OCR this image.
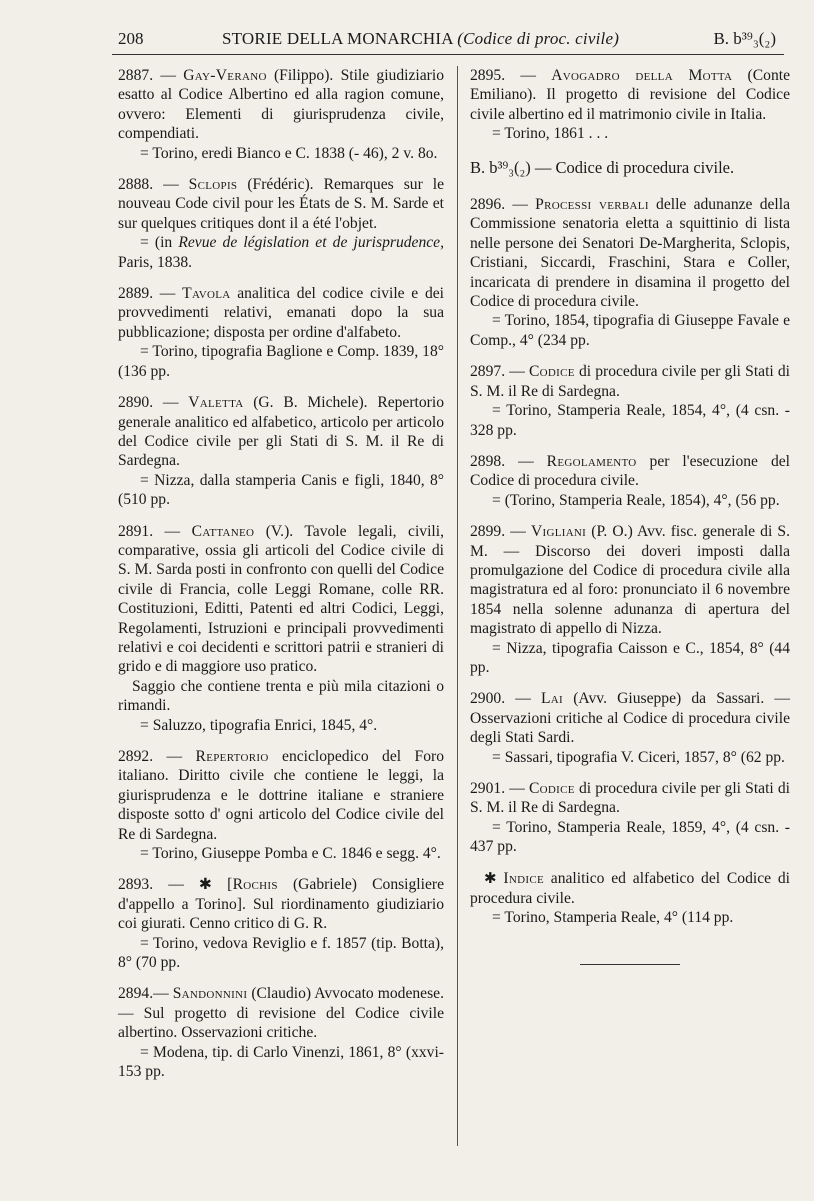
208	STORIE DELLA MONARCHIA (Codice di proc. civile)	B. b³⁹₃(₂)

2887. — Gay-Verano (Filippo). Stile giudiziario esatto al Codice Albertino ed alla ragion comune, ovvero: Elementi di giurisprudenza civile, compendiati.

= Torino, eredi Bianco e C. 1838 (- 46), 2 v. 8o.

2888. — Sclopis (Frédéric). Remarques sur le nouveau Code civil pour les États de S. M. Sarde et sur quelques critiques dont il a été l'objet.

= (in Revue de législation et de jurisprudence, Paris, 1838.

2889. — Tavola analitica del codice civile e dei provvedimenti relativi, emanati dopo la sua pubblicazione; disposta per ordine d'alfabeto.

= Torino, tipografia Baglione e Comp. 1839, 18° (136 pp.

2890. — Valetta (G. B. Michele). Repertorio generale analitico ed alfabetico, articolo per articolo del Codice civile per gli Stati di S. M. il Re di Sardegna.

= Nizza, dalla stamperia Canis e figli, 1840, 8° (510 pp.

2891. — Cattaneo (V.). Tavole legali, civili, comparative, ossia gli articoli del Codice civile di S. M. Sarda posti in confronto con quelli del Codice civile di Francia, colle Leggi Romane, colle RR. Costituzioni, Editti, Patenti ed altri Codici, Leggi, Regolamenti, Istruzioni e principali provvedimenti relativi e coi decidenti e scrittori patrii e stranieri di grido e di maggiore uso pratico.

Saggio che contiene trenta e più mila citazioni o rimandi.

= Saluzzo, tipografia Enrici, 1845, 4°.

2892. — Repertorio enciclopedico del Foro italiano. Diritto civile che contiene le leggi, la giurisprudenza e le dottrine italiane e straniere disposte sotto d' ogni articolo del Codice civile del Re di Sardegna.

= Torino, Giuseppe Pomba e C. 1846 e segg. 4°.

2893. — ✱ [Rochis (Gabriele) Consigliere d'appello a Torino]. Sul riordinamento giudiziario coi giurati. Cenno critico di G. R.

= Torino, vedova Reviglio e f. 1857 (tip. Botta), 8° (70 pp.

2894.— Sandonnini (Claudio) Avvocato modenese. — Sul progetto di revisione del Codice civile albertino. Osservazioni critiche.

= Modena, tip. di Carlo Vinenzi, 1861, 8° (xxvi-153 pp.

2895. — Avogadro della Motta (Conte Emiliano). Il progetto di revisione del Codice civile albertino ed il matrimonio civile in Italia.

= Torino, 1861 . . .

B. b³⁹₃(₂) — Codice di procedura civile.

2896. — Processi verbali delle adunanze della Commissione senatoria eletta a squittinio di lista nelle persone dei Senatori De-Margherita, Sclopis, Cristiani, Siccardi, Fraschini, Stara e Coller, incaricata di prendere in disamina il progetto del Codice di procedura civile.

= Torino, 1854, tipografia di Giuseppe Favale e Comp., 4° (234 pp.

2897. — Codice di procedura civile per gli Stati di S. M. il Re di Sardegna.

= Torino, Stamperia Reale, 1854, 4°, (4 csn. - 328 pp.

2898. — Regolamento per l'esecuzione del Codice di procedura civile.

= (Torino, Stamperia Reale, 1854), 4°, (56 pp.

2899. — Vigliani (P. O.) Avv. fisc. generale di S. M. — Discorso dei doveri imposti dalla promulgazione del Codice di procedura civile alla magistratura ed al foro: pronunciato il 6 novembre 1854 nella solenne adunanza di apertura del magistrato di appello di Nizza.

= Nizza, tipografia Caisson e C., 1854, 8° (44 pp.

2900. — Lai (Avv. Giuseppe) da Sassari. — Osservazioni critiche al Codice di procedura civile degli Stati Sardi.

= Sassari, tipografia V. Ciceri, 1857, 8° (62 pp.

2901. — Codice di procedura civile per gli Stati di S. M. il Re di Sardegna.

= Torino, Stamperia Reale, 1859, 4°, (4 csn. - 437 pp.

✱ Indice analitico ed alfabetico del Codice di procedura civile.

= Torino, Stamperia Reale, 4° (114 pp.
